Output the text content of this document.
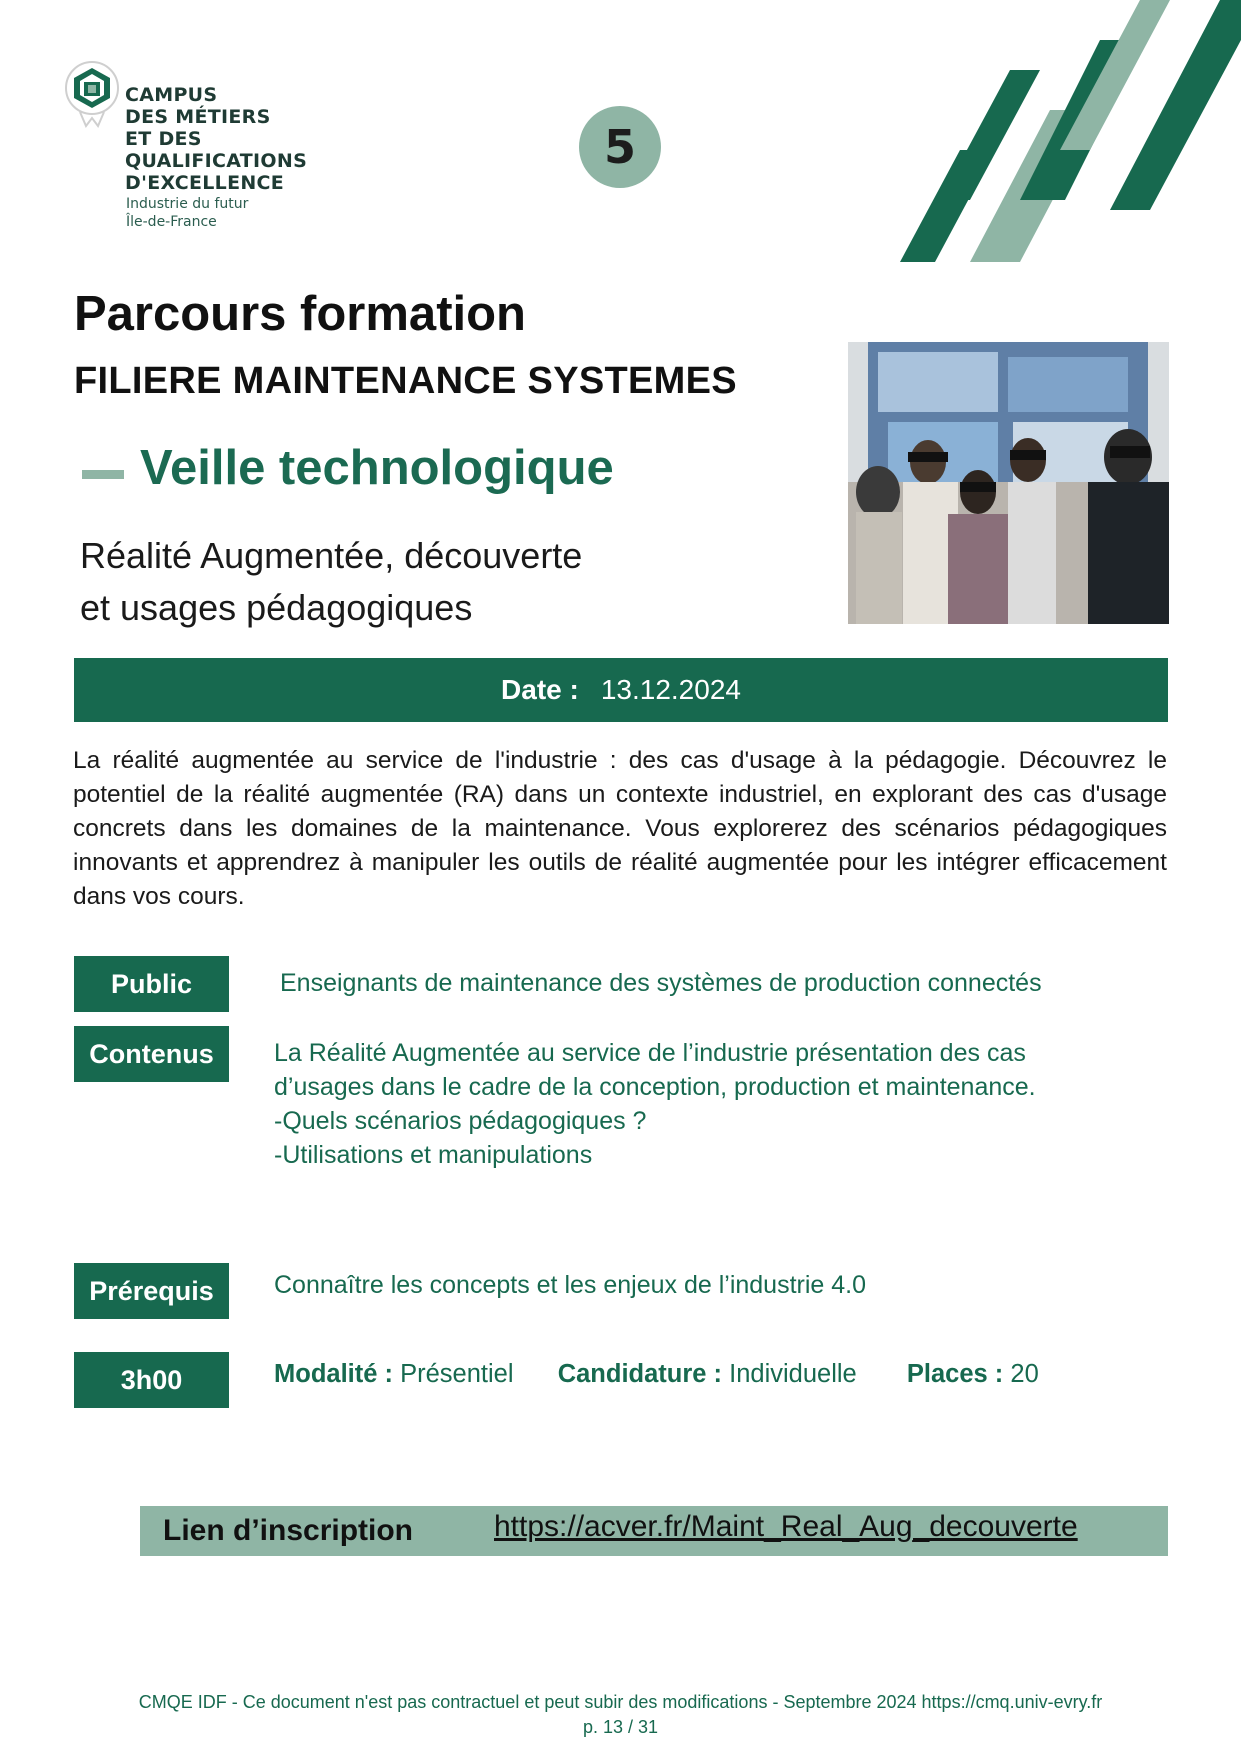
CAMPUS
DES MÉTIERS
ET DES
QUALIFICATIONS
D'EXCELLENCE
Industrie du futur
Île-de-France
5
Parcours formation
FILIERE MAINTENANCE SYSTEMES
Veille technologique
Réalité Augmentée, découverte
et usages pédagogiques
Date : 13.12.2024
La réalité augmentée au service de l'industrie : des cas d'usage à la pédagogie. Découvrez le potentiel de la réalité augmentée (RA) dans un contexte industriel, en explorant des cas d'usage concrets dans les domaines de la maintenance. Vous explorerez des scénarios pédagogiques innovants et apprendrez à manipuler les outils de réalité augmentée pour les intégrer efficacement dans vos cours.
Public	Enseignants de maintenance des systèmes de production connectés
Contenus	La Réalité Augmentée au service de l’industrie présentation des cas
d’usages dans le cadre de la conception, production et maintenance.
-Quels scénarios pédagogiques ?
-Utilisations et manipulations
Prérequis	Connaître les concepts et les enjeux de l’industrie 4.0
3h00	Modalité : Présentiel Candidature : Individuelle Places : 20
Lien d’inscription	https://acver.fr/Maint_Real_Aug_decouverte
CMQE IDF - Ce document n'est pas contractuel et peut subir des modifications - Septembre 2024 https://cmq.univ-evry.fr
p. 13 / 31
